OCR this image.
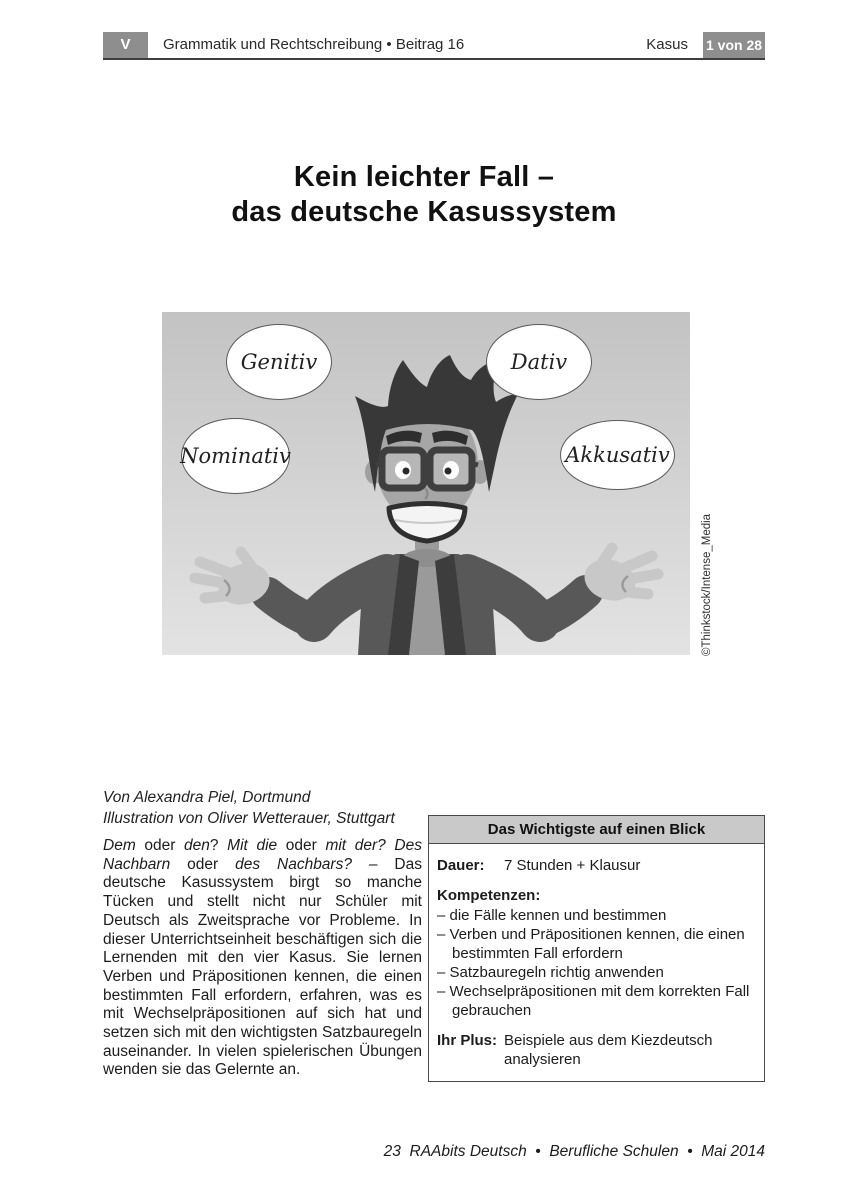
V	Grammatik und Rechtschreibung • Beitrag 16	Kasus 1 von 28
Kein leichter Fall –
das deutsche Kasussystem
Genitiv	Dativ
Nominativ	Akkusativ
©Thinkstock/Intense_Media
Von Alexandra Piel, Dortmund
Illustration von Oliver Wetterauer, Stuttgart
Dem oder den? Mit die oder mit der? Des Nachbarn oder des Nachbars? – Das deutsche Kasussystem birgt so manche Tücken und stellt nicht nur Schüler mit Deutsch als Zweitsprache vor Probleme. In dieser Unterrichtseinheit beschäftigen sich die Lernenden mit den vier Kasus. Sie lernen Verben und Präpositionen kennen, die einen bestimmten Fall erfordern, erfahren, was es mit Wechselpräpositionen auf sich hat und setzen sich mit den wichtigsten Satzbauregeln auseinander. In vielen spielerischen Übungen wenden sie das Gelernte an.
Das Wichtigste auf einen Blick
Dauer:	7 Stunden + Klausur
Kompetenzen:
– die Fälle kennen und bestimmen
– Verben und Präpositionen kennen, die einen bestimmten Fall erfordern
– Satzbauregeln richtig anwenden
– Wechselpräpositionen mit dem korrekten Fall gebrauchen
Ihr Plus: Beispiele aus dem Kiezdeutsch analysieren
23  RAAbits Deutsch  •  Berufliche Schulen  •  Mai 2014
